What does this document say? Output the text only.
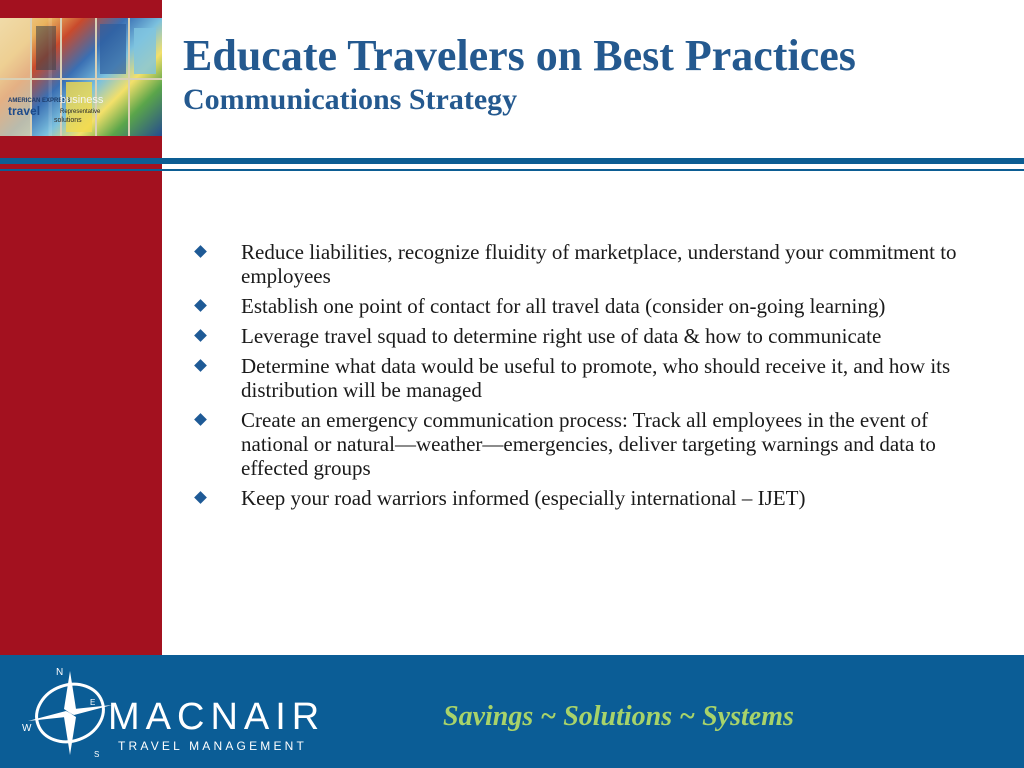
AMERICAN EXPRESS
travel
business
Representative
solutions
Educate Travelers on Best Practices
Communications Strategy
Reduce liabilities, recognize fluidity of marketplace, understand your commitment to employees
Establish one point of contact for all travel data (consider on-going learning)
Leverage travel squad to determine right use of data & how to communicate
Determine what data would be useful to promote, who should receive it, and how its distribution will be managed
Create an emergency communication process: Track all employees in the event of national or natural—weather—emergencies, deliver targeting warnings and data to effected groups
Keep your road warriors informed (especially international – IJET)
N
E
S
W MACNAIR
TRAVEL MANAGEMENT
Savings ~ Solutions ~ Systems
